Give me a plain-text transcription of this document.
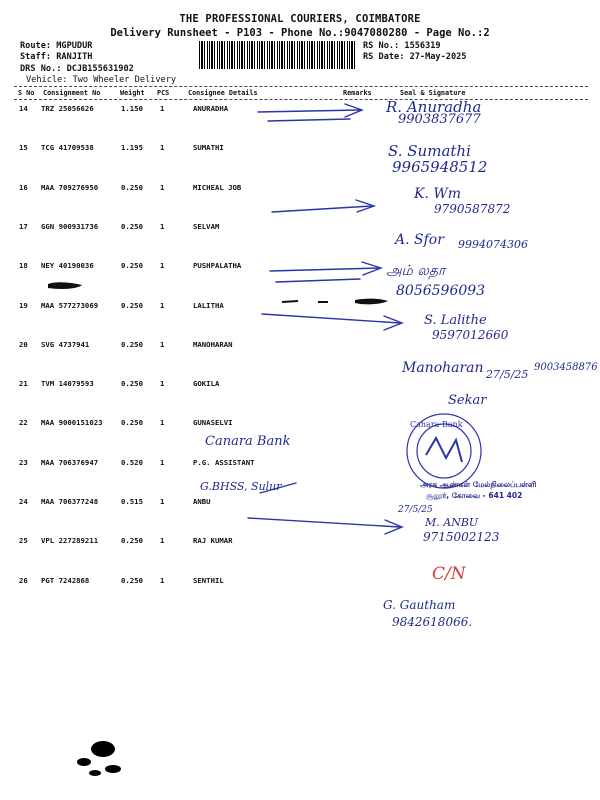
THE PROFESSIONAL COURIERS, COIMBATORE
Delivery Runsheet - P103 - Phone No.:9047080280 - Page No.:2
Route: MGPUDUR
Staff: RANJITH
DRS No.: DCJB155631902
Vehicle: Two Wheeler Delivery
RS No.: 1556319
RS Date: 27-May-2025
S No Consignment No	Weight PCS	Consignee Details	Remarks	Seal & Signature
14 TRZ 25056626	1.150 1	ANURADHA
15 TCG 41709538	1.195 1	SUMATHI
16 MAA 709276950	0.250 1	MICHEAL JOB
17 GGN 900931736	0.250 1	SELVAM
18 NEY 40190036	0.250 1	PUSHPALATHA
19 MAA 577273069	0.250 1	LALITHA
20 SVG 4737941	0.250 1	MANOHARAN
21 TVM 14079593	0.250 1	GOKILA
22 MAA 9000151023	0.250 1	GUNASELVI
23 MAA 706376947	0.520 1	P.G. ASSISTANT
24 MAA 706377248	0.515 1	ANBU
25 VPL 227289211	0.250 1	RAJ KUMAR
26 PGT 7242868	0.250 1	SENTHIL
R. Anuradha
9903837677
S. Sumathi
9965948512
K. Wm
9790587872
A. Sfor 9994074306
அம் லதா
8056596093
S. Lalithe
9597012660
Manoharan 27/5/25
9003458876
Sekar
Canara Bank
G.BHSS, Sulur
27/5/25
M. ANBU
9715002123
C/N
G. Gautham
9842618066.
Canara Bank
அரசு ஆண்கள் மேல்நிலைப்பள்ளி
சூலூர், கோவை - 641 402
